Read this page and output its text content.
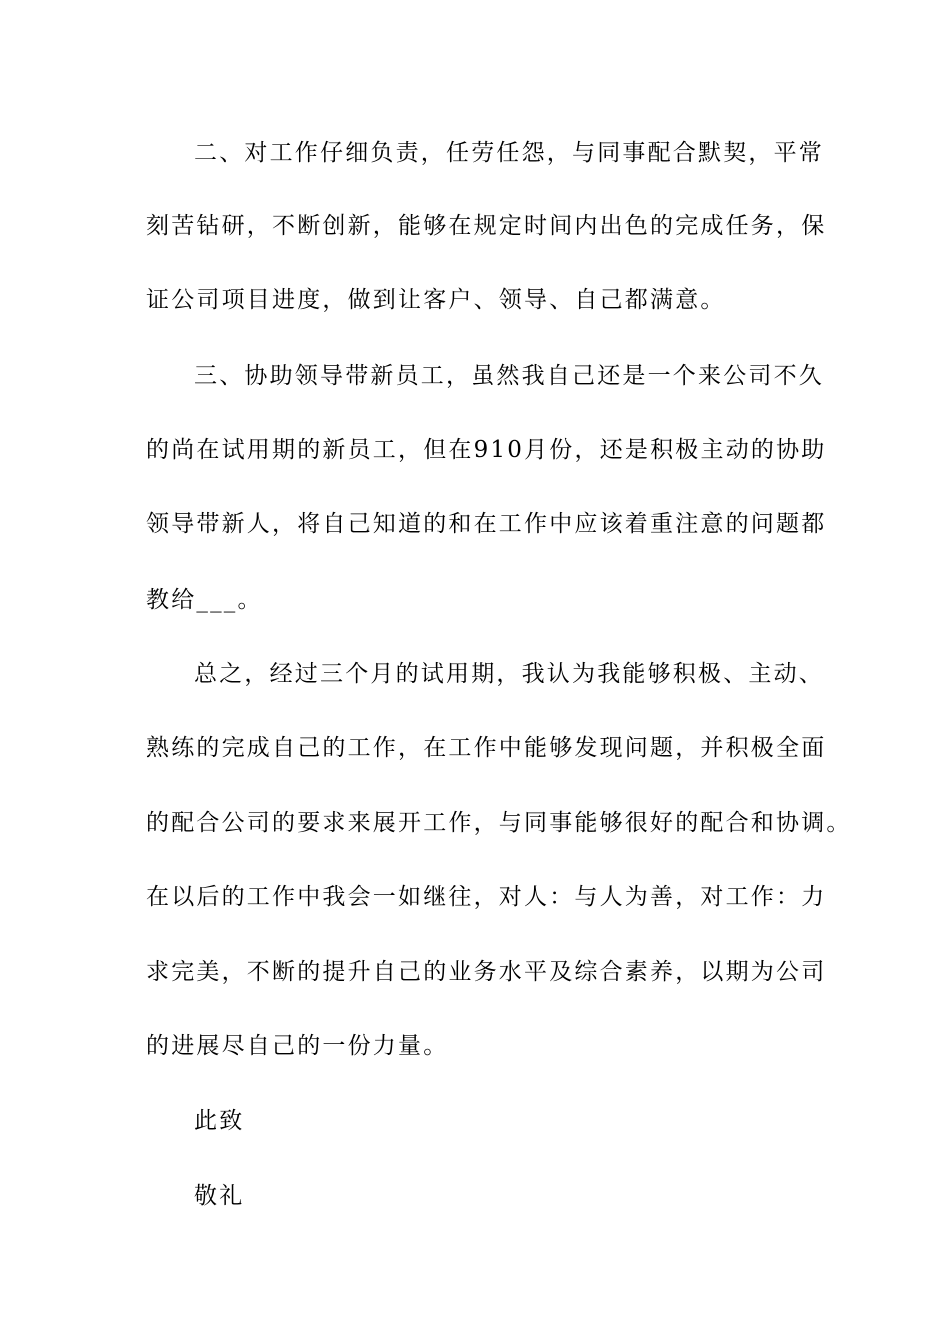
二、对工作仔细负责，任劳任怨，与同事配合默契，平常
刻苦钻研，不断创新，能够在规定时间内出色的完成任务，保
证公司项目进度，做到让客户、领导、自己都满意。
三、协助领导带新员工，虽然我自己还是一个来公司不久
的尚在试用期的新员工，但在910月份，还是积极主动的协助
领导带新人，将自己知道的和在工作中应该着重注意的问题都
教给___。
总之，经过三个月的试用期，我认为我能够积极、主动、
熟练的完成自己的工作，在工作中能够发现问题，并积极全面
的配合公司的要求来展开工作，与同事能够很好的配合和协调。
在以后的工作中我会一如继往，对人：与人为善，对工作：力
求完美，不断的提升自己的业务水平及综合素养，以期为公司
的进展尽自己的一份力量。
此致
敬礼
